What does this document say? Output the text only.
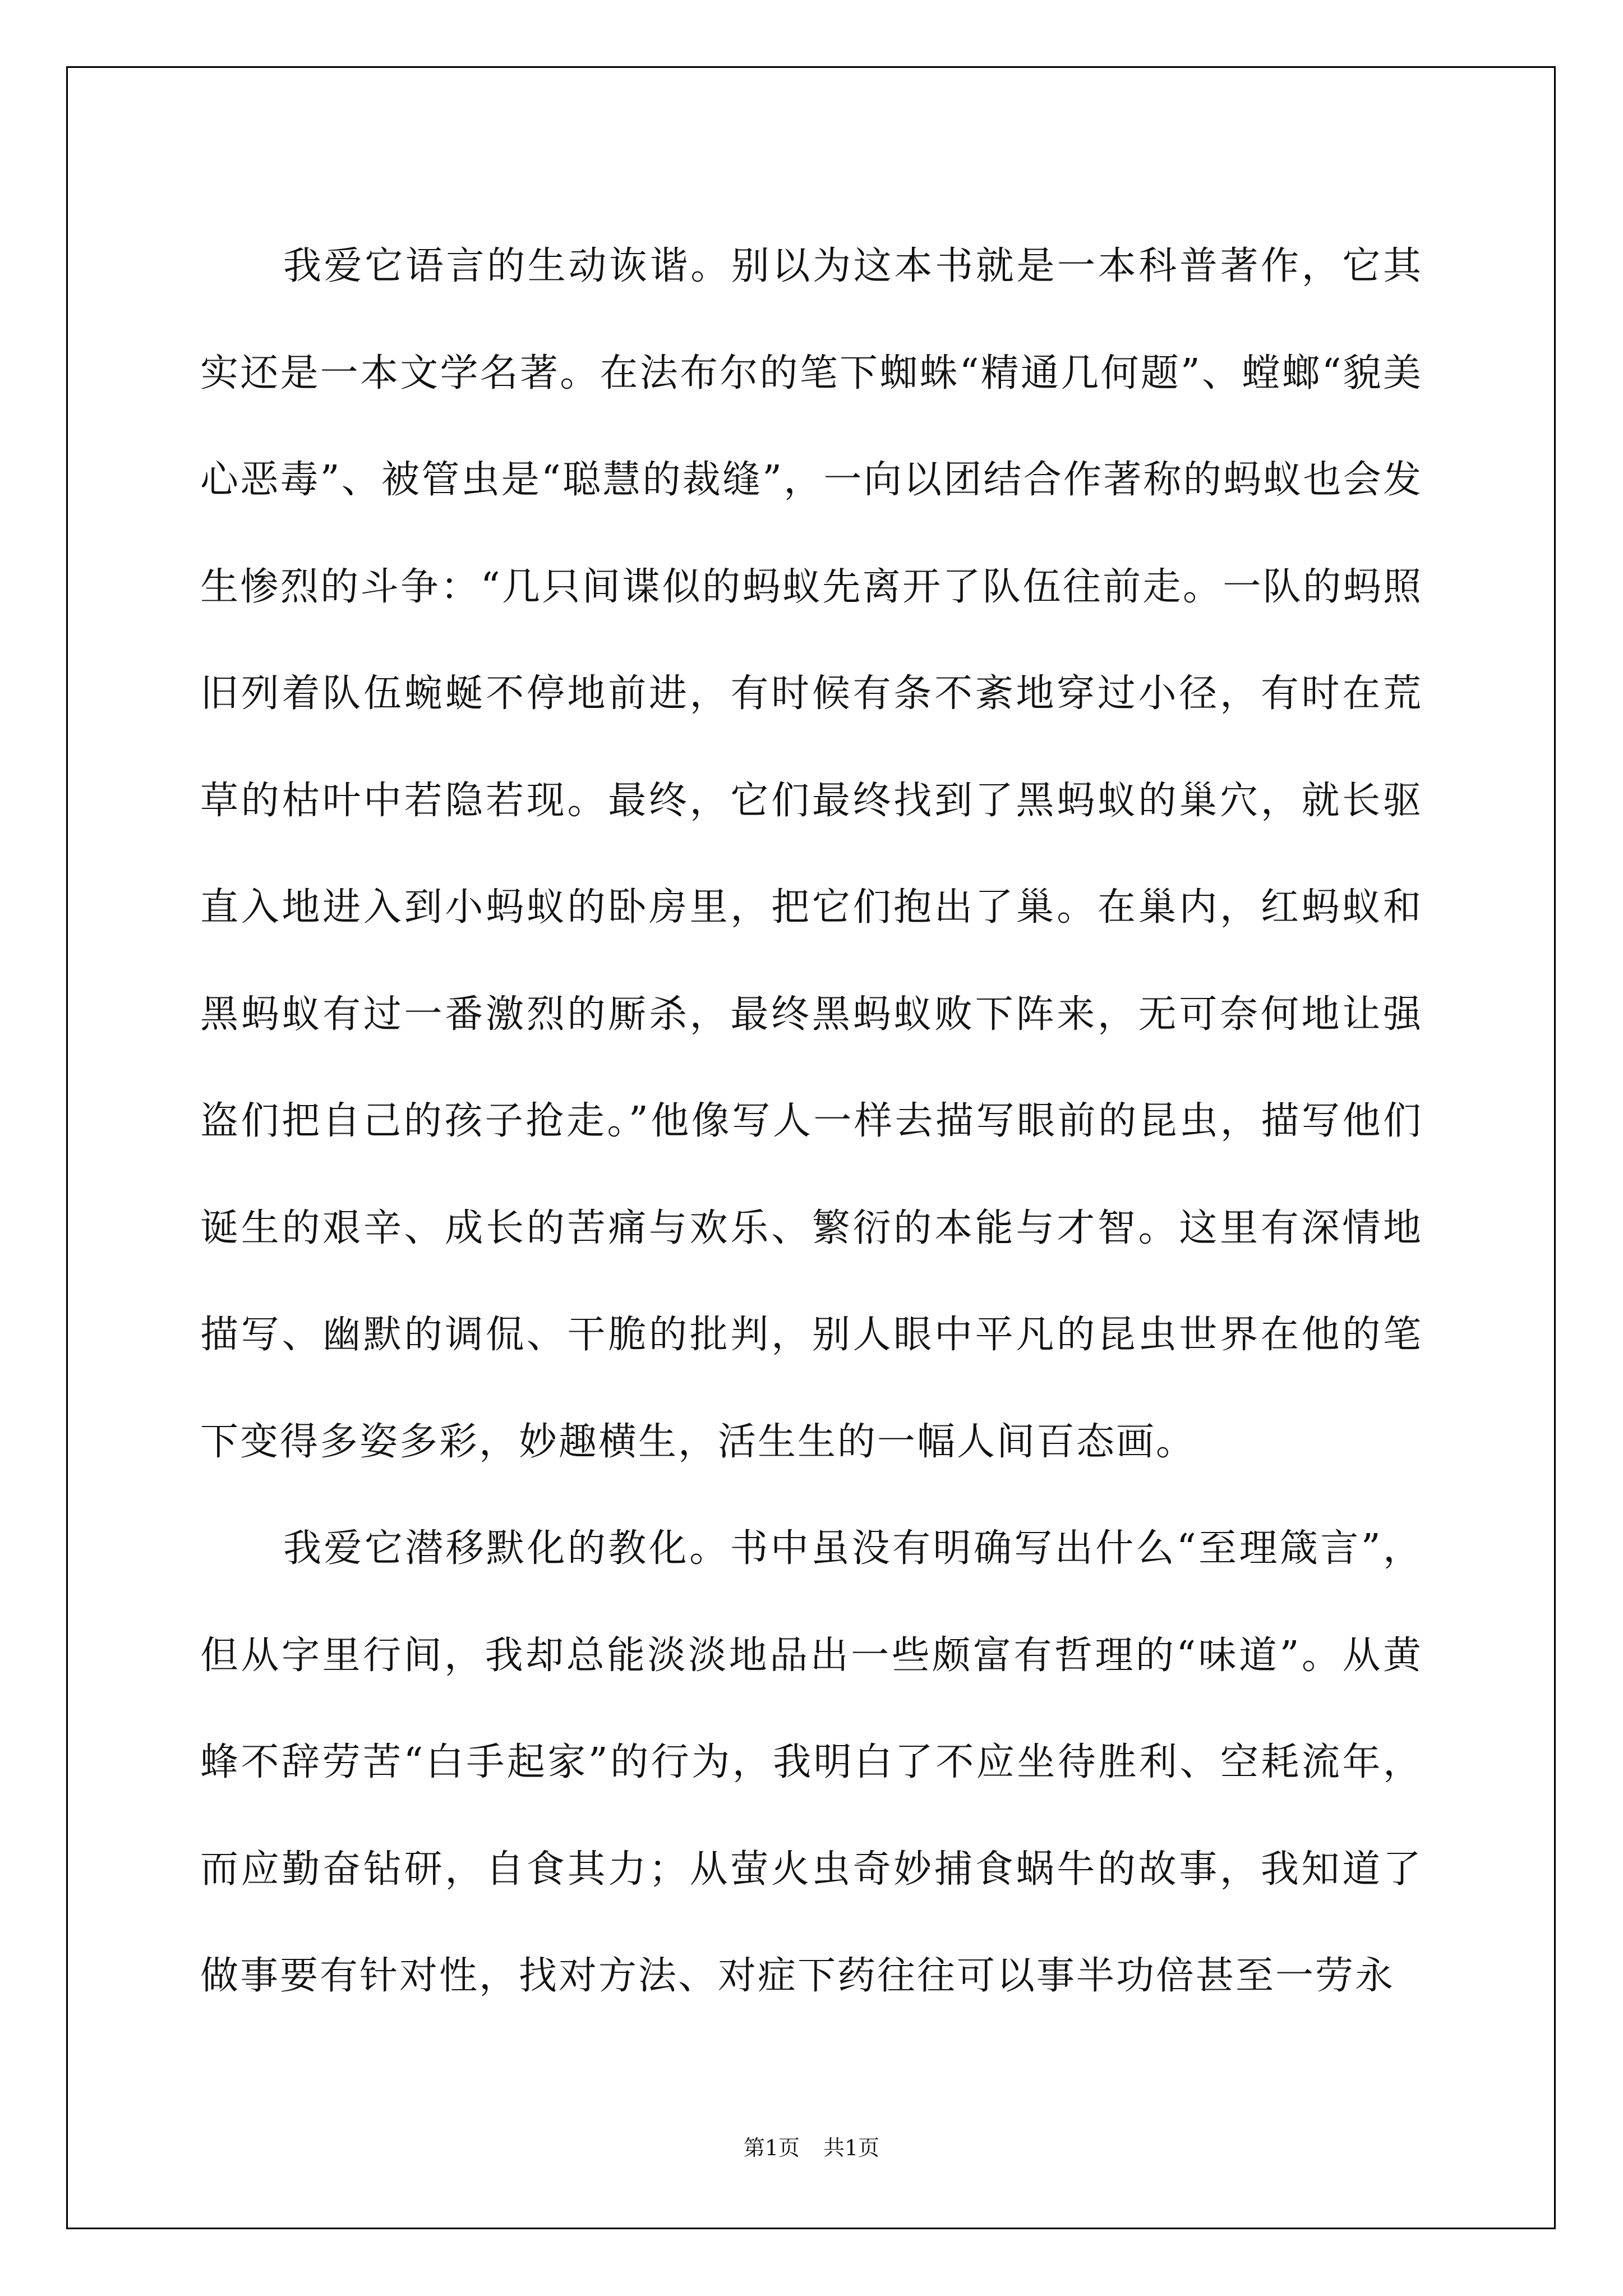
我爱它语言的生动诙谐。别以为这本书就是一本科普著作，它其实还是一本文学名著。在法布尔的笔下蜘蛛“精通几何题”、螳螂“貌美心恶毒”、被管虫是“聪慧的裁缝”，一向以团结合作著称的蚂蚁也会发生惨烈的斗争：“几只间谍似的蚂蚁先离开了队伍往前走。一队的蚂照旧列着队伍蜿蜒不停地前进，有时候有条不紊地穿过小径，有时在荒草的枯叶中若隐若现。最终，它们最终找到了黑蚂蚁的巢穴，就长驱直入地进入到小蚂蚁的卧房里，把它们抱出了巢。在巢内，红蚂蚁和黑蚂蚁有过一番激烈的厮杀，最终黑蚂蚁败下阵来，无可奈何地让强盗们把自己的孩子抢走。”他像写人一样去描写眼前的昆虫，描写他们诞生的艰辛、成长的苦痛与欢乐、繁衍的本能与才智。这里有深情地描写、幽默的调侃、干脆的批判，别人眼中平凡的昆虫世界在他的笔下变得多姿多彩，妙趣横生，活生生的一幅人间百态画。

我爱它潜移默化的教化。书中虽没有明确写出什么“至理箴言”，但从字里行间，我却总能淡淡地品出一些颇富有哲理的“味道”。从黄蜂不辞劳苦“白手起家”的行为，我明白了不应坐待胜利、空耗流年，而应勤奋钻研，自食其力；从萤火虫奇妙捕食蜗牛的故事，我知道了做事要有针对性，找对方法、对症下药往往可以事半功倍甚至一劳永

第1页 共1页
